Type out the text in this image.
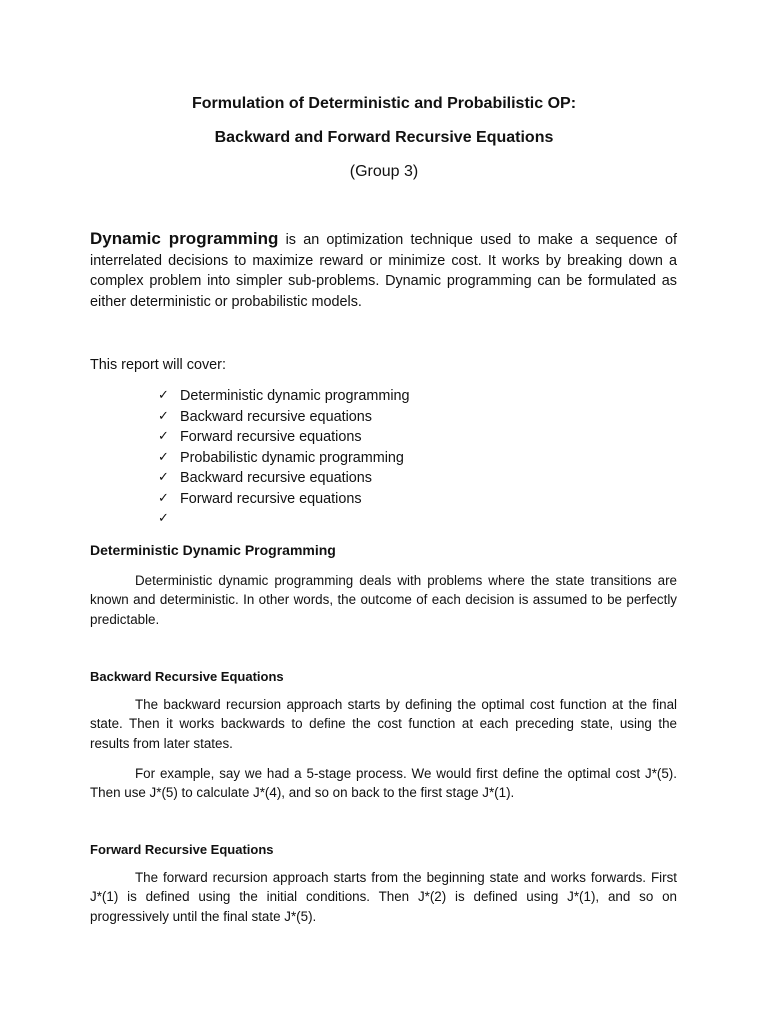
Formulation of Deterministic and Probabilistic OP:
Backward and Forward Recursive Equations
(Group 3)
Dynamic programming is an optimization technique used to make a sequence of interrelated decisions to maximize reward or minimize cost. It works by breaking down a complex problem into simpler sub-problems. Dynamic programming can be formulated as either deterministic or probabilistic models.
This report will cover:
✓ Deterministic dynamic programming
✓ Backward recursive equations
✓ Forward recursive equations
✓ Probabilistic dynamic programming
✓ Backward recursive equations
✓ Forward recursive equations
✓
Deterministic Dynamic Programming
Deterministic dynamic programming deals with problems where the state transitions are known and deterministic. In other words, the outcome of each decision is assumed to be perfectly predictable.
Backward Recursive Equations
The backward recursion approach starts by defining the optimal cost function at the final state. Then it works backwards to define the cost function at each preceding state, using the results from later states.
For example, say we had a 5-stage process. We would first define the optimal cost J*(5). Then use J*(5) to calculate J*(4), and so on back to the first stage J*(1).
Forward Recursive Equations
The forward recursion approach starts from the beginning state and works forwards. First J*(1) is defined using the initial conditions. Then J*(2) is defined using J*(1), and so on progressively until the final state J*(5).
